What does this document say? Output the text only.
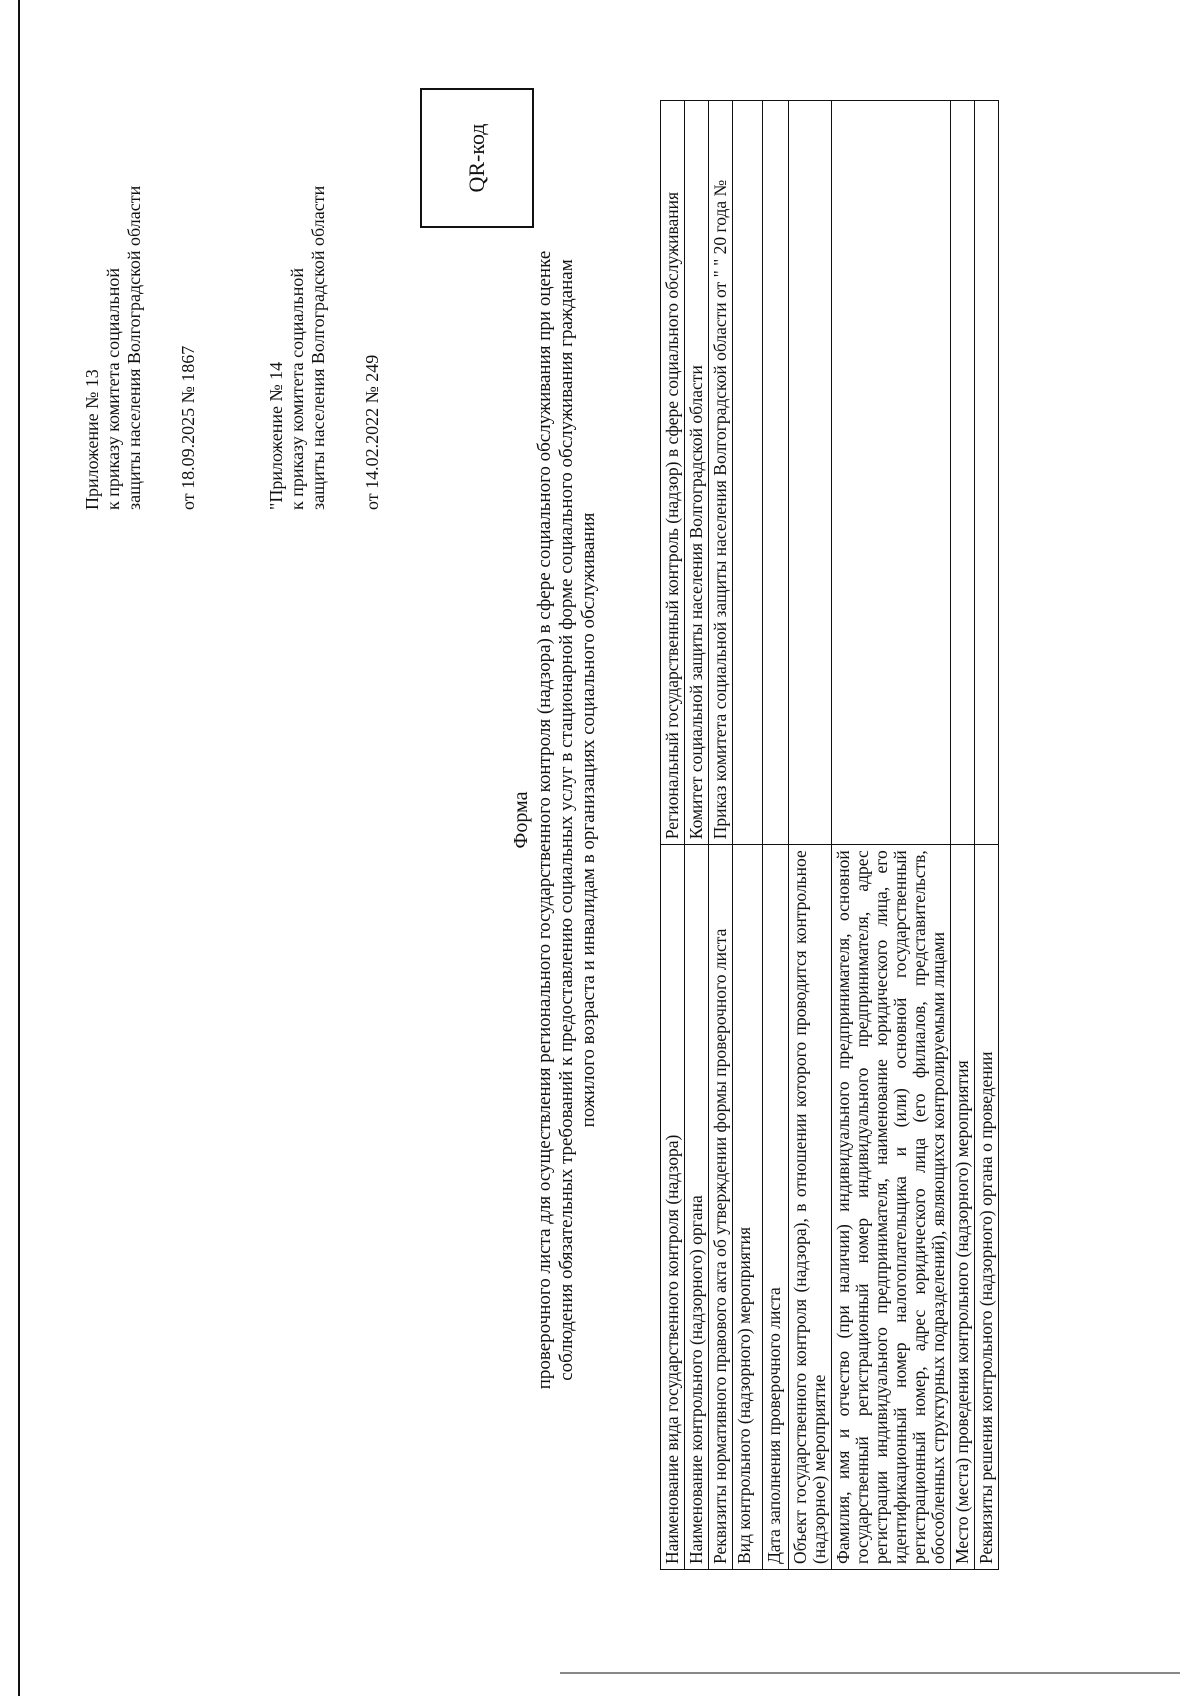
Приложение № 13 к приказу комитета социальной защиты населения Волгоградской области от 18.09.2025 № 1867	"Приложение № 14 к приказу комитета социальной защиты населения Волгоградской области от 14.02.2022 № 249
QR-код
Форма проверочного листа для осуществления регионального государственного контроля (надзора) в сфере социального обслуживания при оценке соблюдения обязательных требований к предоставлению социальных услуг в стационарной форме социального обслуживания гражданам пожилого возраста и инвалидам в организациях социального обслуживания
Наименование вида государственного контроля (надзора)	Региональный государственный контроль (надзор) в сфере социального обслуживания
Наименование контрольного (надзорного) органа	Комитет социальной защиты населения Волгоградской области
Реквизиты нормативного правового акта об утверждении формы проверочного листа	Приказ комитета социальной защиты населения Волгоградской области от " " 20 года №
Вид контрольного (надзорного) мероприятия	
Дата заполнения проверочного листа	
Объект государственного контроля (надзора), в отношении которого проводится контрольное (надзорное) мероприятие	
Фамилия, имя и отчество (при наличии) индивидуального предпринимателя, основной государственный регистрационный номер индивидуального предпринимателя, адрес регистрации индивидуального предпринимателя, наименование юридического лица, его идентификационный номер налогоплательщика и (или) основной государственный регистрационный номер, адрес юридического лица (его филиалов, представительств, обособленных структурных подразделений), являющихся контролируемыми лицами	
Место (места) проведения контрольного (надзорного) мероприятия	
Реквизиты решения контрольного (надзорного) органа о проведении	
